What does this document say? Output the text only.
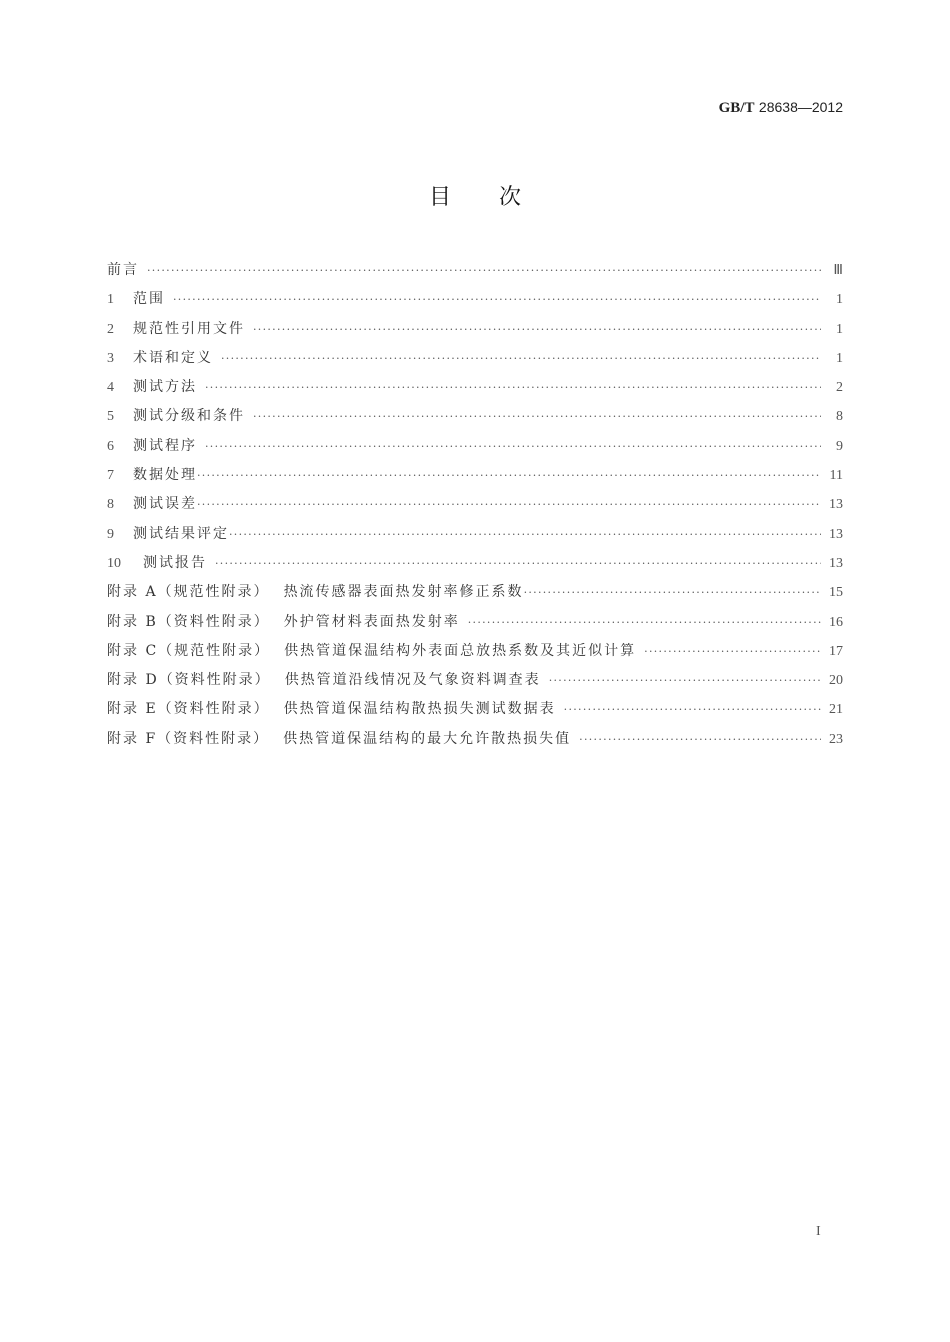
GB/T 28638—2012
目 次
前言 ·····	Ⅲ
1	范围 ·····	1
2	规范性引用文件 ·····	1
3	术语和定义 ·····	1
4	测试方法 ·····	2
5	测试分级和条件 ·····	8
6	测试程序 ·····	9
7	数据处理 ·····	11
8	测试误差 ·····	13
9	测试结果评定 ·····	13
10	测试报告 ·····	13
附录 A （规范性附录） 热流传感器表面热发射率修正系数 ·····	15
附录 B （资料性附录） 外护管材料表面热发射率 ·····	16
附录 C （规范性附录） 供热管道保温结构外表面总放热系数及其近似计算 ·····	17
附录 D （资料性附录） 供热管道沿线情况及气象资料调查表 ·····	20
附录 E （资料性附录） 供热管道保温结构散热损失测试数据表 ·····	21
附录 F （资料性附录） 供热管道保温结构的最大允许散热损失值 ·····	23
I
